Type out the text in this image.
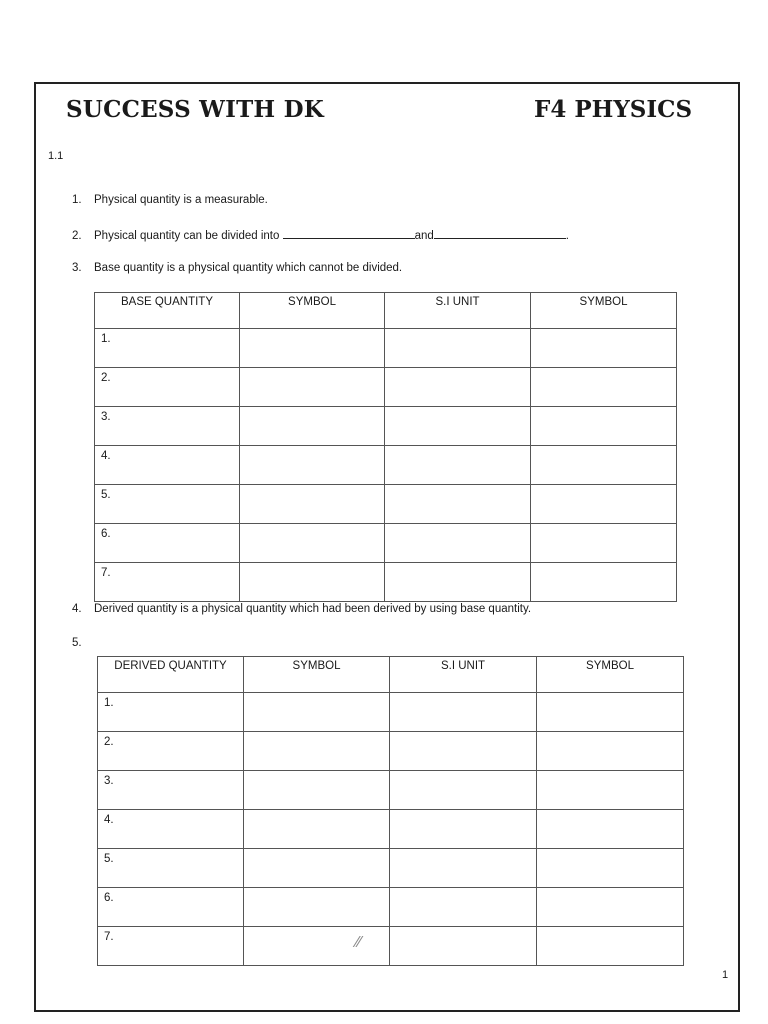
SUCCESS WITH DK	F4 PHYSICS
1.1
1. Physical quantity is a measurable.
2. Physical quantity can be divided into	and	.
3. Base quantity is a physical quantity which cannot be divided.
BASE QUANTITY	SYMBOL	S.I UNIT	SYMBOL
1.			
2.			
3.			
4.			
5.			
6.			
7.			
4. Derived quantity is a physical quantity which had been derived by using base quantity.
5.
DERIVED QUANTITY	SYMBOL	S.I UNIT	SYMBOL
1.			
2.			
3.			
4.			
5.			
6.			
7.				⁄⁄
1
